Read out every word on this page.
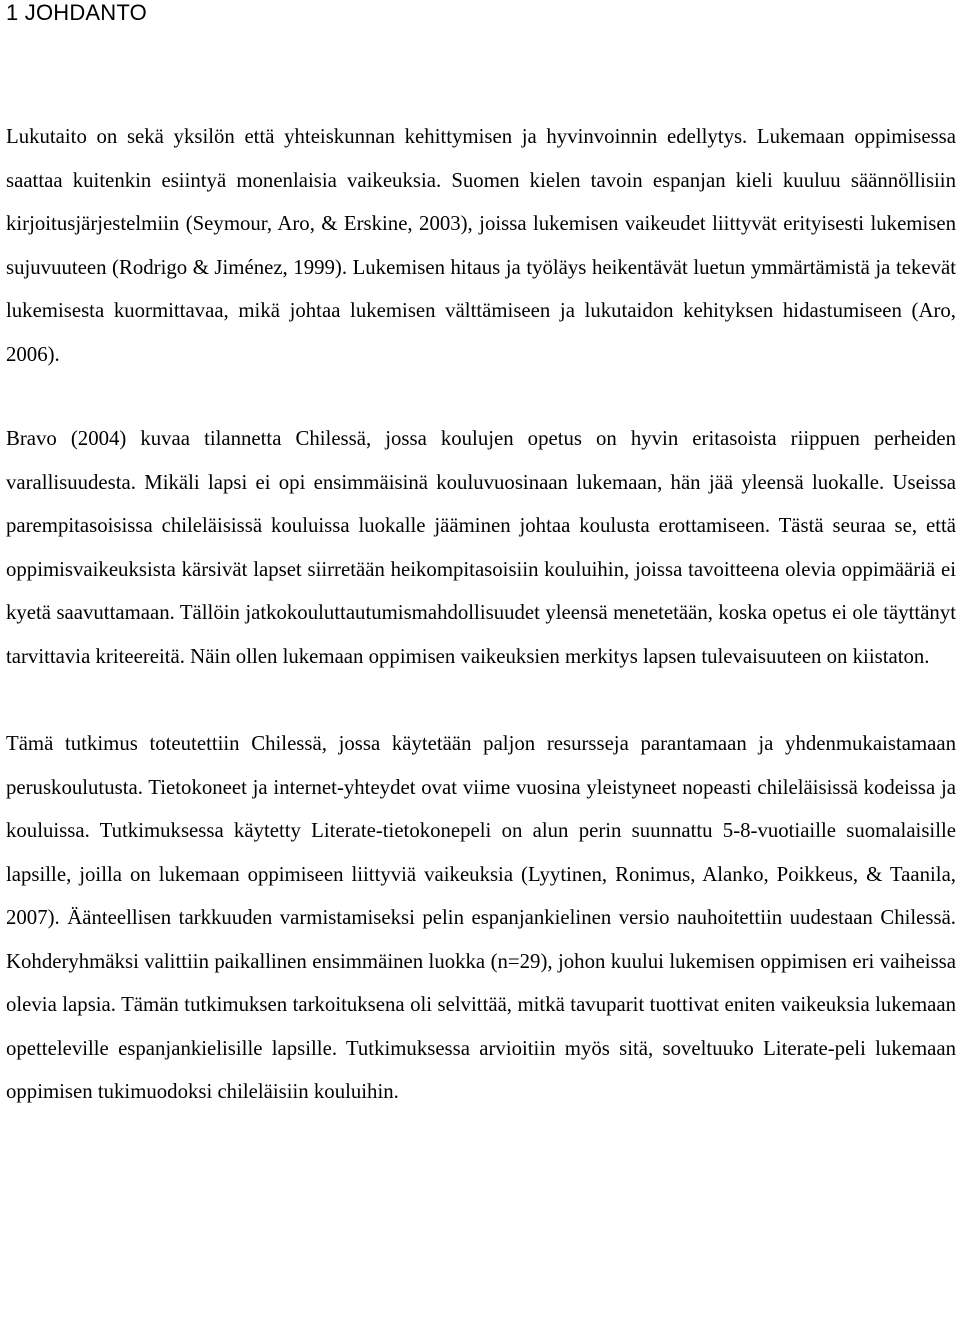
1 JOHDANTO

Lukutaito on sekä yksilön että yhteiskunnan kehittymisen ja hyvinvoinnin edellytys. Lukemaan oppimisessa saattaa kuitenkin esiintyä monenlaisia vaikeuksia. Suomen kielen tavoin espanjan kieli kuuluu säännöllisiin kirjoitusjärjestelmiin (Seymour, Aro, & Erskine, 2003), joissa lukemisen vaikeudet liittyvät erityisesti lukemisen sujuvuuteen (Rodrigo & Jiménez, 1999). Lukemisen hitaus ja työläys heikentävät luetun ymmärtämistä ja tekevät lukemisesta kuormittavaa, mikä johtaa lukemisen välttämiseen ja lukutaidon kehityksen hidastumiseen (Aro, 2006).

Bravo (2004) kuvaa tilannetta Chilessä, jossa koulujen opetus on hyvin eritasoista riippuen perheiden varallisuudesta. Mikäli lapsi ei opi ensimmäisinä kouluvuosinaan lukemaan, hän jää yleensä luokalle. Useissa parempitasoisissa chileläisissä kouluissa luokalle jääminen johtaa koulusta erottamiseen. Tästä seuraa se, että oppimisvaikeuksista kärsivät lapset siirretään heikompitasoisiin kouluihin, joissa tavoitteena olevia oppimääriä ei kyetä saavuttamaan. Tällöin jatkokouluttautumismahdollisuudet yleensä menetetään, koska opetus ei ole täyttänyt tarvittavia kriteereitä. Näin ollen lukemaan oppimisen vaikeuksien merkitys lapsen tulevaisuuteen on kiistaton.

Tämä tutkimus toteutettiin Chilessä, jossa käytetään paljon resursseja parantamaan ja yhdenmukaistamaan peruskoulutusta. Tietokoneet ja internet-yhteydet ovat viime vuosina yleistyneet nopeasti chileläisissä kodeissa ja kouluissa. Tutkimuksessa käytetty Literate-tietokonepeli on alun perin suunnattu 5-8-vuotiaille suomalaisille lapsille, joilla on lukemaan oppimiseen liittyviä vaikeuksia (Lyytinen, Ronimus, Alanko, Poikkeus, & Taanila, 2007). Äänteellisen tarkkuuden varmistamiseksi pelin espanjankielinen versio nauhoitettiin uudestaan Chilessä. Kohderyhmäksi valittiin paikallinen ensimmäinen luokka (n=29), johon kuului lukemisen oppimisen eri vaiheissa olevia lapsia. Tämän tutkimuksen tarkoituksena oli selvittää, mitkä tavuparit tuottivat eniten vaikeuksia lukemaan opetteleville espanjankielisille lapsille. Tutkimuksessa arvioitiin myös sitä, soveltuuko Literate-peli lukemaan oppimisen tukimuodoksi chileläisiin kouluihin.
